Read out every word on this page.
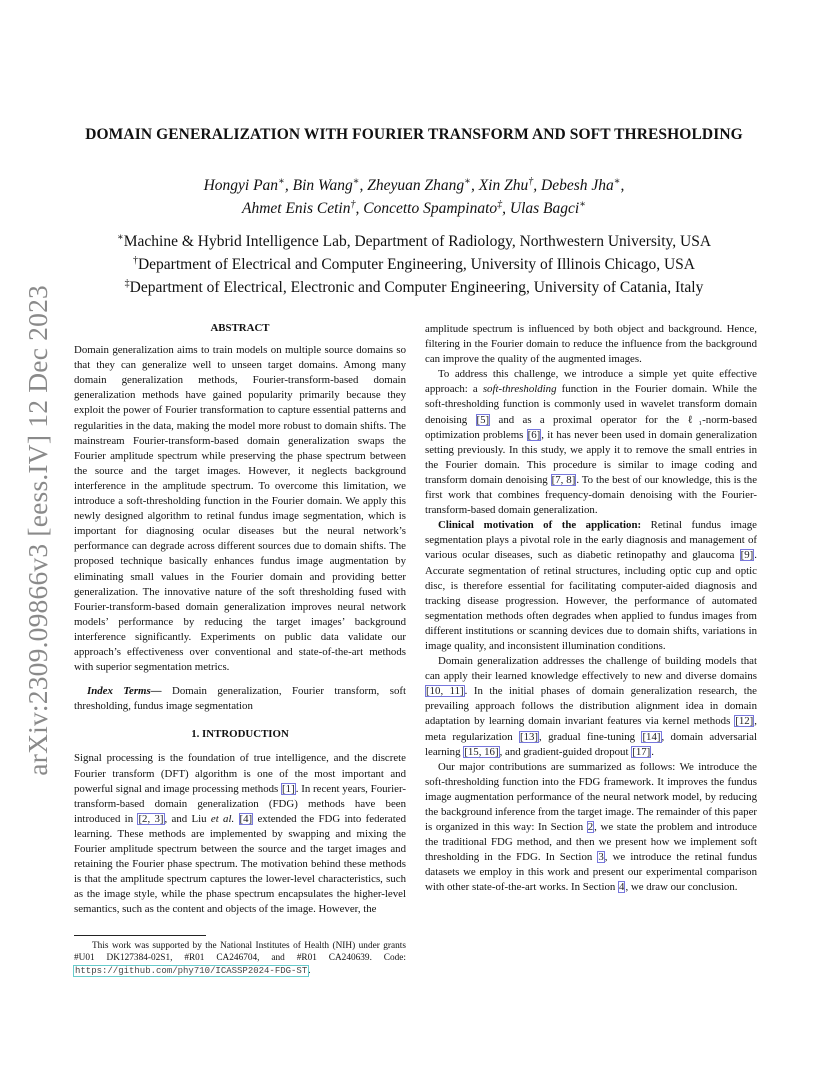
arXiv:2309.09866v3 [eess.IV] 12 Dec 2023
DOMAIN GENERALIZATION WITH FOURIER TRANSFORM AND SOFT THRESHOLDING
Hongyi Pan∗, Bin Wang∗, Zheyuan Zhang∗, Xin Zhu†, Debesh Jha∗,
Ahmet Enis Cetin†, Concetto Spampinato‡, Ulas Bagci∗
∗Machine & Hybrid Intelligence Lab, Department of Radiology, Northwestern University, USA
†Department of Electrical and Computer Engineering, University of Illinois Chicago, USA
‡Department of Electrical, Electronic and Computer Engineering, University of Catania, Italy
ABSTRACT

Domain generalization aims to train models on multiple source domains so that they can generalize well to unseen target domains. Among many domain generalization methods, Fourier-transform-based domain generalization methods have gained popularity primarily because they exploit the power of Fourier transformation to capture essential patterns and regularities in the data, making the model more robust to domain shifts. The mainstream Fourier-transform-based domain generalization swaps the Fourier amplitude spectrum while preserving the phase spectrum between the source and the target images. However, it neglects background interference in the amplitude spectrum. To overcome this limitation, we introduce a soft-thresholding function in the Fourier domain. We apply this newly designed algorithm to retinal fundus image segmentation, which is important for diagnosing ocular diseases but the neural network’s performance can degrade across different sources due to domain shifts. The proposed technique basically enhances fundus image augmentation by eliminating small values in the Fourier domain and providing better generalization. The innovative nature of the soft thresholding fused with Fourier-transform-based domain generalization improves neural network models’ performance by reducing the target images’ background interference significantly. Experiments on public data validate our approach’s effectiveness over conventional and state-of-the-art methods with superior segmentation metrics.

Index Terms— Domain generalization, Fourier transform, soft thresholding, fundus image segmentation

1. INTRODUCTION

Signal processing is the foundation of true intelligence, and the discrete Fourier transform (DFT) algorithm is one of the most important and powerful signal and image processing methods [1]. In recent years, Fourier-transform-based domain generalization (FDG) methods have been introduced in [2, 3], and Liu et al. [4] extended the FDG into federated learning. These methods are implemented by swapping and mixing the Fourier amplitude spectrum between the source and the target images and retaining the Fourier phase spectrum. The motivation behind these methods is that the amplitude spectrum captures the lower-level characteristics, such as the image style, while the phase spectrum encapsulates the higher-level semantics, such as the content and objects of the image. However, the

amplitude spectrum is influenced by both object and background. Hence, filtering in the Fourier domain to reduce the influence from the background can improve the quality of the augmented images.

To address this challenge, we introduce a simple yet quite effective approach: a soft-thresholding function in the Fourier domain. While the soft-thresholding function is commonly used in wavelet transform domain denoising [5] and as a proximal operator for the ℓ₁-norm-based optimization problems [6], it has never been used in domain generalization setting previously. In this study, we apply it to remove the small entries in the Fourier domain. This procedure is similar to image coding and transform domain denoising [7, 8]. To the best of our knowledge, this is the first work that combines frequency-domain denoising with the Fourier-transform-based domain generalization.

Clinical motivation of the application: Retinal fundus image segmentation plays a pivotal role in the early diagnosis and management of various ocular diseases, such as diabetic retinopathy and glaucoma [9]. Accurate segmentation of retinal structures, including optic cup and optic disc, is therefore essential for facilitating computer-aided diagnosis and tracking disease progression. However, the performance of automated segmentation methods often degrades when applied to fundus images from different institutions or scanning devices due to domain shifts, variations in image quality, and inconsistent illumination conditions.

Domain generalization addresses the challenge of building models that can apply their learned knowledge effectively to new and diverse domains [10, 11]. In the initial phases of domain generalization research, the prevailing approach follows the distribution alignment idea in domain adaptation by learning domain invariant features via kernel methods [12], meta regularization [13], gradual fine-tuning [14], domain adversarial learning [15, 16], and gradient-guided dropout [17].

Our major contributions are summarized as follows: We introduce the soft-thresholding function into the FDG framework. It improves the fundus image augmentation performance of the neural network model, by reducing the background inference from the target image. The remainder of this paper is organized in this way: In Section 2, we state the problem and introduce the traditional FDG method, and then we present how we implement soft thresholding in the FDG. In Section 3, we introduce the retinal fundus datasets we employ in this work and present our experimental comparison with other state-of-the-art works. In Section 4, we draw our conclusion.

This work was supported by the National Institutes of Health (NIH) under grants #U01 DK127384-02S1, #R01 CA246704, and #R01 CA240639. Code: https://github.com/phy710/ICASSP2024-FDG-ST.
